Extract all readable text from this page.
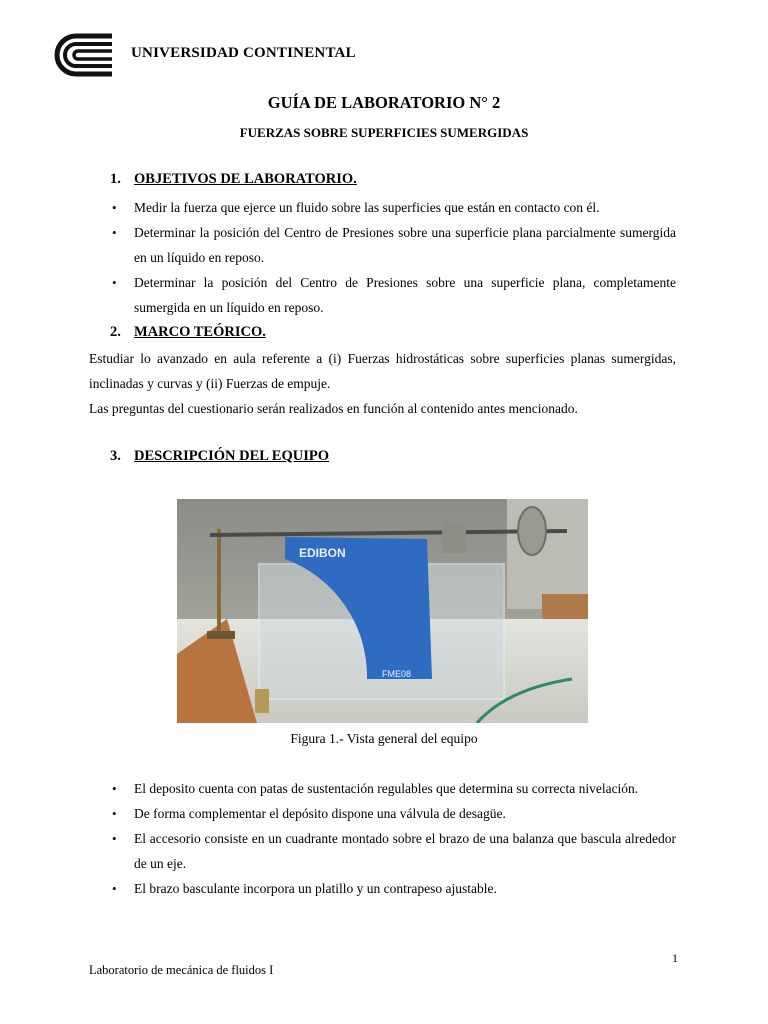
UNIVERSIDAD CONTINENTAL
GUÍA DE LABORATORIO N° 2
FUERZAS SOBRE SUPERFICIES SUMERGIDAS
1. OBJETIVOS DE LABORATORIO.
• Medir la fuerza que ejerce un fluido sobre las superficies que están en contacto con él.
• Determinar la posición del Centro de Presiones sobre una superficie plana parcialmente sumergida en un líquido en reposo.
• Determinar la posición del Centro de Presiones sobre una superficie plana, completamente sumergida en un líquido en reposo.
2. MARCO TEÓRICO.
Estudiar lo avanzado en aula referente a (i) Fuerzas hidrostáticas sobre superficies planas sumergidas, inclinadas y curvas y (ii) Fuerzas de empuje.
Las preguntas del cuestionario serán realizados en función al contenido antes mencionado.
3. DESCRIPCIÓN DEL EQUIPO
EDIBON
FME08
Figura 1.- Vista general del equipo
• El deposito cuenta con patas de sustentación regulables que determina su correcta nivelación.
• De forma complementar el depósito dispone una válvula de desagüe.
• El accesorio consiste en un cuadrante montado sobre el brazo de una balanza que bascula alrededor de un eje.
• El brazo basculante incorpora un platillo y un contrapeso ajustable.
1
Laboratorio de mecánica de fluidos I
